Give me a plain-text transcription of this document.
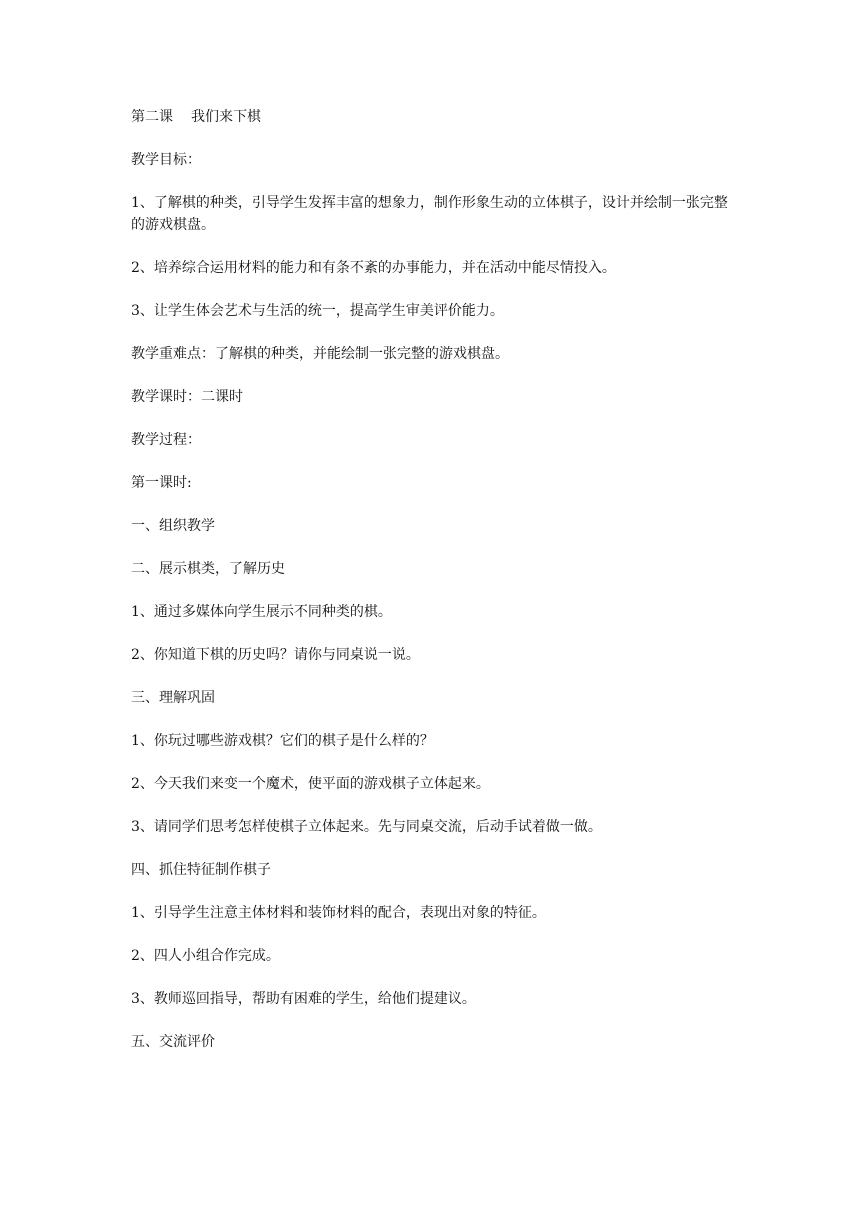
第二课 我们来下棋

教学目标：

1、了解棋的种类，引导学生发挥丰富的想象力，制作形象生动的立体棋子，设计并绘制一张完整的游戏棋盘。

2、培养综合运用材料的能力和有条不紊的办事能力，并在活动中能尽情投入。

3、让学生体会艺术与生活的统一，提高学生审美评价能力。

教学重难点：了解棋的种类，并能绘制一张完整的游戏棋盘。

教学课时：二课时

教学过程：

第一课时:

一、组织教学

二、展示棋类，了解历史

1、通过多媒体向学生展示不同种类的棋。

2、你知道下棋的历史吗？请你与同桌说一说。

三、理解巩固

1、你玩过哪些游戏棋？它们的棋子是什么样的？

2、今天我们来变一个魔术，使平面的游戏棋子立体起来。

3、请同学们思考怎样使棋子立体起来。先与同桌交流，后动手试着做一做。

四、抓住特征制作棋子

1、引导学生注意主体材料和装饰材料的配合，表现出对象的特征。

2、四人小组合作完成。

3、教师巡回指导，帮助有困难的学生，给他们提建议。

五、交流评价
